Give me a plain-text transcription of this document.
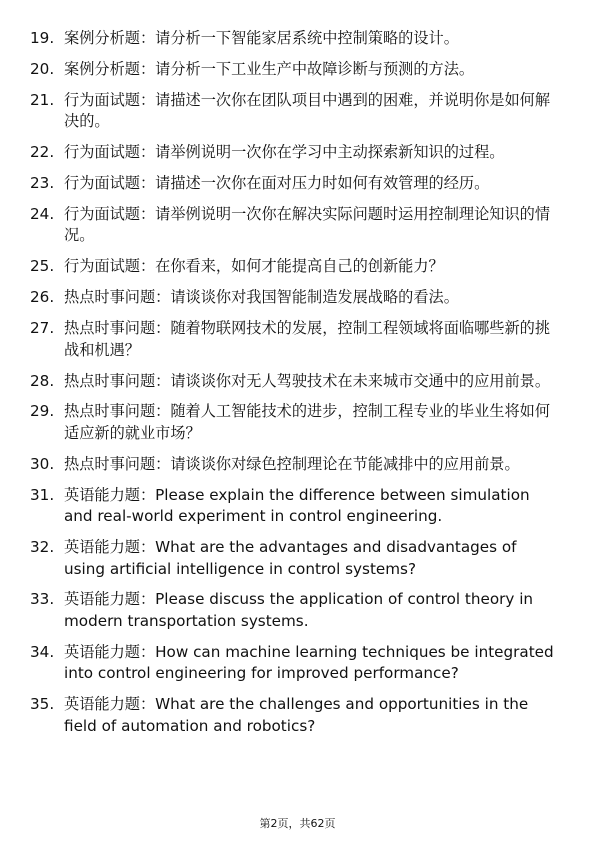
19. 案例分析题：请分析一下智能家居系统中控制策略的设计。
20. 案例分析题：请分析一下工业生产中故障诊断与预测的方法。
21. 行为面试题：请描述一次你在团队项目中遇到的困难，并说明你是如何解决的。
22. 行为面试题：请举例说明一次你在学习中主动探索新知识的过程。
23. 行为面试题：请描述一次你在面对压力时如何有效管理的经历。
24. 行为面试题：请举例说明一次你在解决实际问题时运用控制理论知识的情况。
25. 行为面试题：在你看来，如何才能提高自己的创新能力？
26. 热点时事问题：请谈谈你对我国智能制造发展战略的看法。
27. 热点时事问题：随着物联网技术的发展，控制工程领域将面临哪些新的挑战和机遇？
28. 热点时事问题：请谈谈你对无人驾驶技术在未来城市交通中的应用前景。
29. 热点时事问题：随着人工智能技术的进步，控制工程专业的毕业生将如何适应新的就业市场？
30. 热点时事问题：请谈谈你对绿色控制理论在节能减排中的应用前景。
31. 英语能力题：Please explain the difference between simulation and real-world experiment in control engineering.
32. 英语能力题：What are the advantages and disadvantages of using artificial intelligence in control systems?
33. 英语能力题：Please discuss the application of control theory in modern transportation systems.
34. 英语能力题：How can machine learning techniques be integrated into control engineering for improved performance?
35. 英语能力题：What are the challenges and opportunities in the field of automation and robotics?
第2页，共62页
